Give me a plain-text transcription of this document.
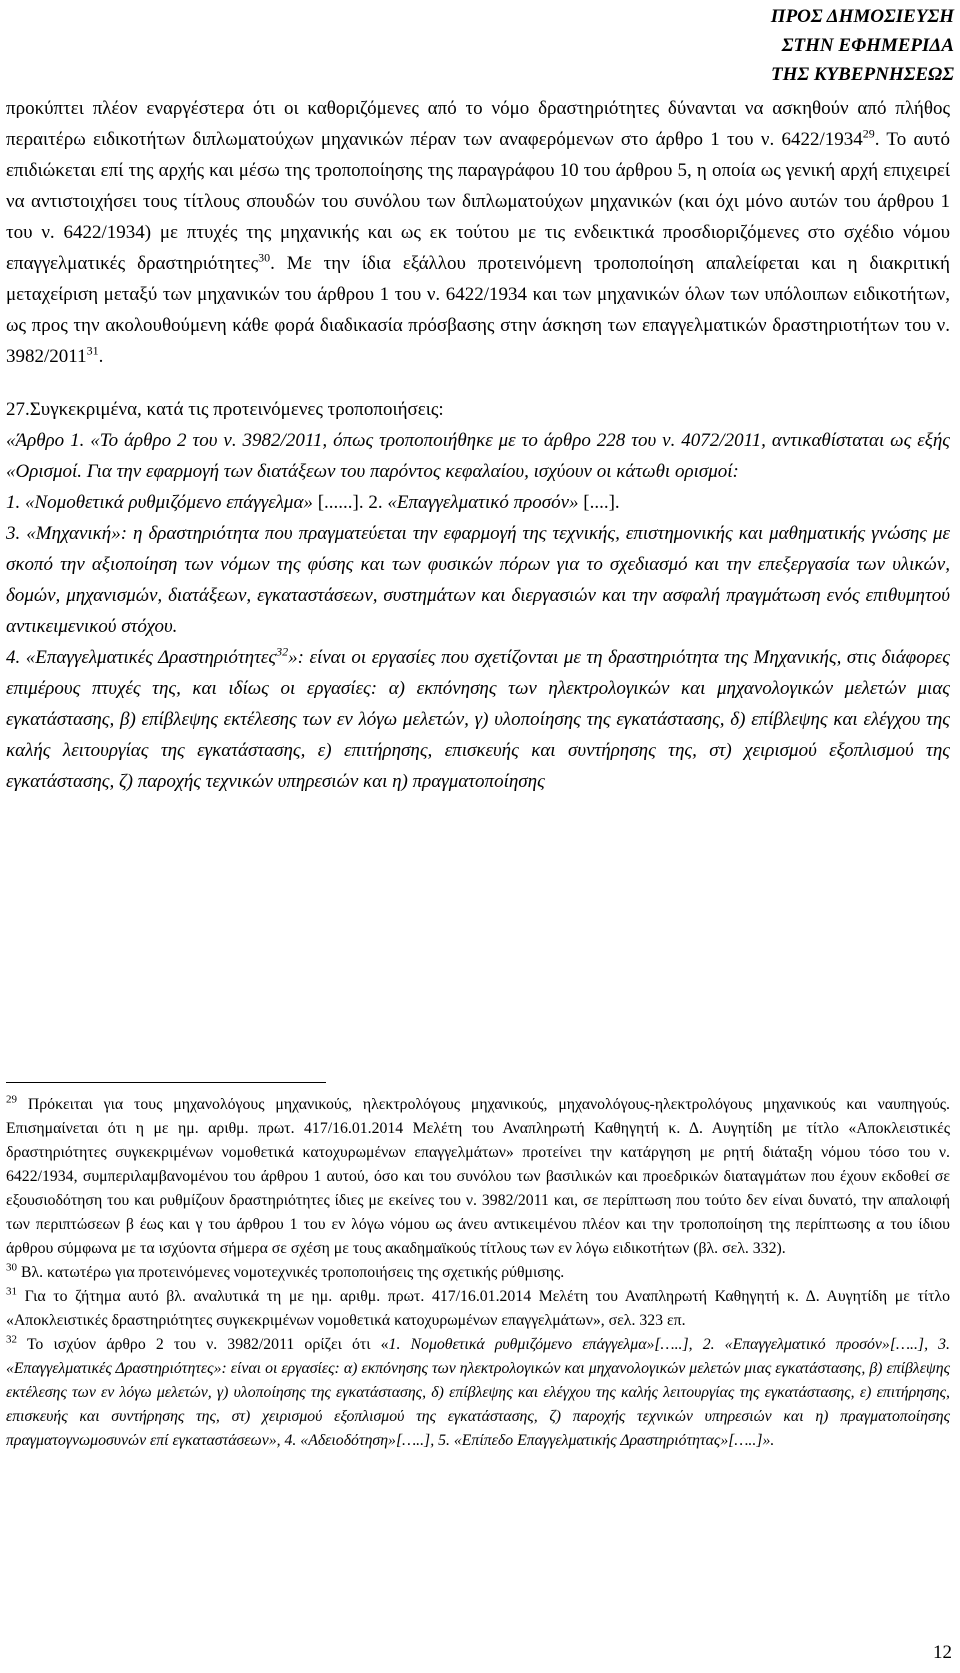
ΠΡΟΣ ΔΗΜΟΣΙΕΥΣΗ
ΣΤΗΝ ΕΦΗΜΕΡΙΔΑ
ΤΗΣ ΚΥΒΕΡΝΗΣΕΩΣ

προκύπτει πλέον εναργέστερα ότι οι καθοριζόμενες από το νόμο δραστηριότητες δύνανται να ασκηθούν από πλήθος περαιτέρω ειδικοτήτων διπλωματούχων μηχανικών πέραν των αναφερόμενων στο άρθρο 1 του ν. 6422/1934$^{29}$. Το αυτό επιδιώκεται επί της αρχής και μέσω της τροποποίησης της παραγράφου 10 του άρθρου 5, η οποία ως γενική αρχή επιχειρεί να αντιστοιχήσει τους τίτλους σπουδών του συνόλου των διπλωματούχων μηχανικών (και όχι μόνο αυτών του άρθρου 1 του ν. 6422/1934) με πτυχές της μηχανικής και ως εκ τούτου με τις ενδεικτικά προσδιοριζόμενες στο σχέδιο νόμου επαγγελματικές δραστηριότητες$^{30}$. Με την ίδια εξάλλου προτεινόμενη τροποποίηση απαλείφεται και η διακριτική μεταχείριση μεταξύ των μηχανικών του άρθρου 1 του ν. 6422/1934 και των μηχανικών όλων των υπόλοιπων ειδικοτήτων, ως προς την ακολουθούμενη κάθε φορά διαδικασία πρόσβασης στην άσκηση των επαγγελματικών δραστηριοτήτων του ν. 3982/2011$^{31}$.

27.Συγκεκριμένα, κατά τις προτεινόμενες τροποποιήσεις:

«Άρθρο 1. «Το άρθρο 2 του ν. 3982/2011, όπως τροποποιήθηκε με το άρθρο 228 του ν. 4072/2011, αντικαθίσταται ως εξής «Ορισμοί. Για την εφαρμογή των διατάξεων του παρόντος κεφαλαίου, ισχύουν οι κάτωθι ορισμοί:

1. «Νομοθετικά ρυθμιζόμενο επάγγελμα» [......]. 2. «Επαγγελματικό προσόν» [....].

3. «Μηχανική»: η δραστηριότητα που πραγματεύεται την εφαρμογή της τεχνικής, επιστημονικής και μαθηματικής γνώσης με σκοπό την αξιοποίηση των νόμων της φύσης και των φυσικών πόρων για το σχεδιασμό και την επεξεργασία των υλικών, δομών, μηχανισμών, διατάξεων, εγκαταστάσεων, συστημάτων και διεργασιών και την ασφαλή πραγμάτωση ενός επιθυμητού αντικειμενικού στόχου.

4. «Επαγγελματικές Δραστηριότητες$^{32}$»: είναι οι εργασίες που σχετίζονται με τη δραστηριότητα της Μηχανικής, στις διάφορες επιμέρους πτυχές της, και ιδίως οι εργασίες: α) εκπόνησης των ηλεκτρολογικών και μηχανολογικών μελετών μιας εγκατάστασης, β) επίβλεψης εκτέλεσης των εν λόγω μελετών, γ) υλοποίησης της εγκατάστασης, δ) επίβλεψης και ελέγχου της καλής λειτουργίας της εγκατάστασης, ε) επιτήρησης, επισκευής και συντήρησης της, στ) χειρισμού εξοπλισμού της εγκατάστασης, ζ) παροχής τεχνικών υπηρεσιών και η) πραγματοποίησης

$^{29}$ Πρόκειται για τους μηχανολόγους μηχανικούς, ηλεκτρολόγους μηχανικούς, μηχανολόγους-ηλεκτρολόγους μηχανικούς και ναυπηγούς. Επισημαίνεται ότι η με ημ. αριθμ. πρωτ. 417/16.01.2014 Μελέτη του Αναπληρωτή Καθηγητή κ. Δ. Αυγητίδη με τίτλο «Αποκλειστικές δραστηριότητες συγκεκριμένων νομοθετικά κατοχυρωμένων επαγγελμάτων» προτείνει την κατάργηση με ρητή διάταξη νόμου τόσο του ν. 6422/1934, συμπεριλαμβανομένου του άρθρου 1 αυτού, όσο και του συνόλου των βασιλικών και προεδρικών διαταγμάτων που έχουν εκδοθεί σε εξουσιοδότηση του και ρυθμίζουν δραστηριότητες ίδιες με εκείνες του ν. 3982/2011 και, σε περίπτωση που τούτο δεν είναι δυνατό, την απαλοιφή των περιπτώσεων β έως και γ του άρθρου 1 του εν λόγω νόμου ως άνευ αντικειμένου πλέον και την τροποποίηση της περίπτωσης α του ίδιου άρθρου σύμφωνα με τα ισχύοντα σήμερα σε σχέση με τους ακαδημαϊκούς τίτλους των εν λόγω ειδικοτήτων (βλ. σελ. 332).

$^{30}$ Βλ. κατωτέρω για προτεινόμενες νομοτεχνικές τροποποιήσεις της σχετικής ρύθμισης.

$^{31}$ Για το ζήτημα αυτό βλ. αναλυτικά τη με ημ. αριθμ. πρωτ. 417/16.01.2014 Μελέτη του Αναπληρωτή Καθηγητή κ. Δ. Αυγητίδη με τίτλο «Αποκλειστικές δραστηριότητες συγκεκριμένων νομοθετικά κατοχυρωμένων επαγγελμάτων», σελ. 323 επ.

$^{32}$ Το ισχύον άρθρο 2 του ν. 3982/2011 ορίζει ότι «1. Νομοθετικά ρυθμιζόμενο επάγγελμα»[…..], 2. «Επαγγελματικό προσόν»[…..], 3. «Επαγγελματικές Δραστηριότητες»: είναι οι εργασίες: α) εκπόνησης των ηλεκτρολογικών και μηχανολογικών μελετών μιας εγκατάστασης, β) επίβλεψης εκτέλεσης των εν λόγω μελετών, γ) υλοποίησης της εγκατάστασης, δ) επίβλεψης και ελέγχου της καλής λειτουργίας της εγκατάστασης, ε) επιτήρησης, επισκευής και συντήρησης της, στ) χειρισμού εξοπλισμού της εγκατάστασης, ζ) παροχής τεχνικών υπηρεσιών και η) πραγματοποίησης πραγματογνωμοσυνών επί εγκαταστάσεων», 4. «Αδειοδότηση»[…..], 5. «Επίπεδο Επαγγελματικής Δραστηριότητας»[…..]».

12
